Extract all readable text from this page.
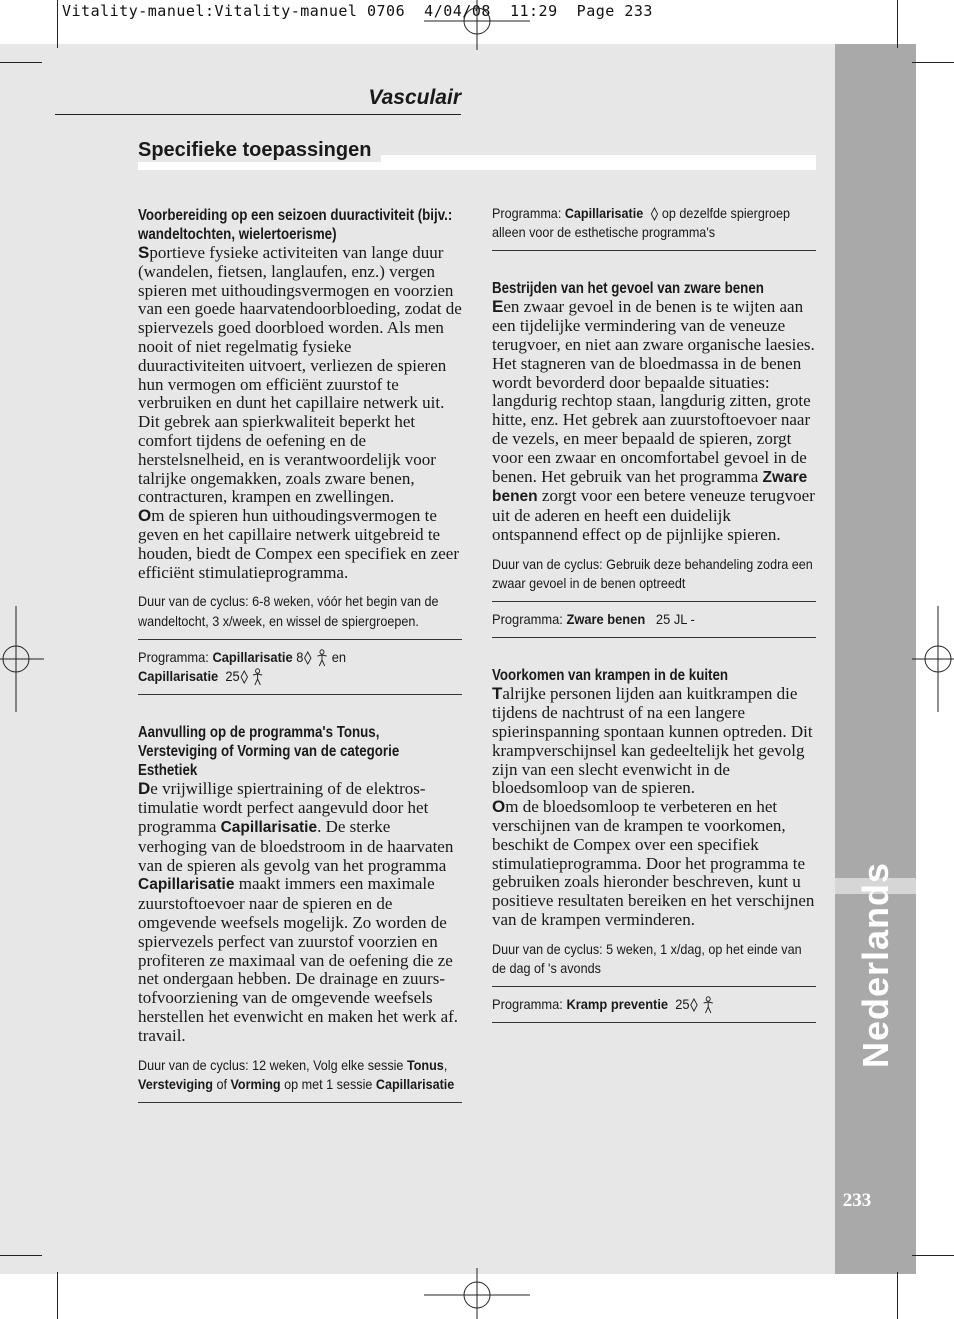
Nederlands
233
Vitality-manuel:Vitality-manuel 0706  4/04/08  11:29  Page 233
Vasculair
Specifieke toepassingen

Voorbereiding op een seizoen duuractiviteit (bijv.: wandeltochten, wielertoerisme)

Sportieve fysieke activiteiten van lange duur (wandelen, fietsen, langlaufen, enz.) vergen spieren met uithoudingsvermogen en voorzien van een goede haarvatendoorbloeding, zodat de spiervezels goed doorbloed worden. Als men nooit of niet regelmatig fysieke duuractiviteiten uitvoert, verliezen de spieren hun vermogen om efficiënt zuurstof te verbruiken en dunt het capillaire netwerk uit. Dit gebrek aan spierkwaliteit beperkt het comfort tijdens de oefening en de herstelsnelheid, en is verantwoordelijk voor talrijke ongemakken, zoals zware benen, contracturen, krampen en zwellingen.

Om de spieren hun uithoudingsvermogen te geven en het capillaire netwerk uitgebreid te houden, biedt de Compex een specifiek en zeer efficiënt stimulatieprogramma.

Duur van de cyclus: 6-8 weken, vóór het begin van de wandeltocht, 3 x/week, en wissel de spiergroepen.

Programma: Capillarisatie 8  en
Capillarisatie 25

Aanvulling op de programma's Tonus, Versteviging of Vorming van de categorie Esthetiek

De vrijwillige spiertraining of de elektrostimulatie wordt perfect aangevuld door het programma Capillarisatie. De sterke verhoging van de bloedstroom in de haarvaten van de spieren als gevolg van het programma Capillarisatie maakt immers een maximale zuurstoftoevoer naar de spieren en de omgevende weefsels mogelijk. Zo worden de spiervezels perfect van zuurstof voorzien en profiteren ze maximaal van de oefening die ze net ondergaan hebben. De drainage en zuurstofvoorziening van de omgevende weefsels herstellen het evenwicht en maken het werk af. travail.

Duur van de cyclus: 12 weken, Volg elke sessie Tonus, Versteviging of Vorming op met 1 sessie Capillarisatie

Programma: Capillarisatie   op dezelfde spiergroep alleen voor de esthetische programma's

Bestrijden van het gevoel van zware benen

Een zwaar gevoel in de benen is te wijten aan een tijdelijke vermindering van de veneuze terugvoer, en niet aan zware organische laesies. Het stagneren van de bloedmassa in de benen wordt bevorderd door bepaalde situaties: langdurig rechtop staan, langdurig zitten, grote hitte, enz. Het gebrek aan zuurstoftoevoer naar de vezels, en meer bepaald de spieren, zorgt voor een zwaar en oncomfortabel gevoel in de benen. Het gebruik van het programma Zware benen zorgt voor een betere veneuze terugvoer uit de aderen en heeft een duidelijk ontspannend effect op de pijnlijke spieren.

Duur van de cyclus: Gebruik deze behandeling zodra een zwaar gevoel in de benen optreedt

Programma: Zware benen 25 JL -

Voorkomen van krampen in de kuiten

Talrijke personen lijden aan kuitkrampen die tijdens de nachtrust of na een langere spierinspanning spontaan kunnen optreden. Dit krampverschijnsel kan gedeeltelijk het gevolg zijn van een slecht evenwicht in de bloedsomloop van de spieren.

Om de bloedsomloop te verbeteren en het verschijnen van de krampen te voorkomen, beschikt de Compex over een specifiek stimulatieprogramma. Door het programma te gebruiken zoals hieronder beschreven, kunt u positieve resultaten bereiken en het verschijnen van de krampen verminderen.

Duur van de cyclus: 5 weken, 1 x/dag, op het einde van de dag of 's avonds

Programma: Kramp preventie 25
